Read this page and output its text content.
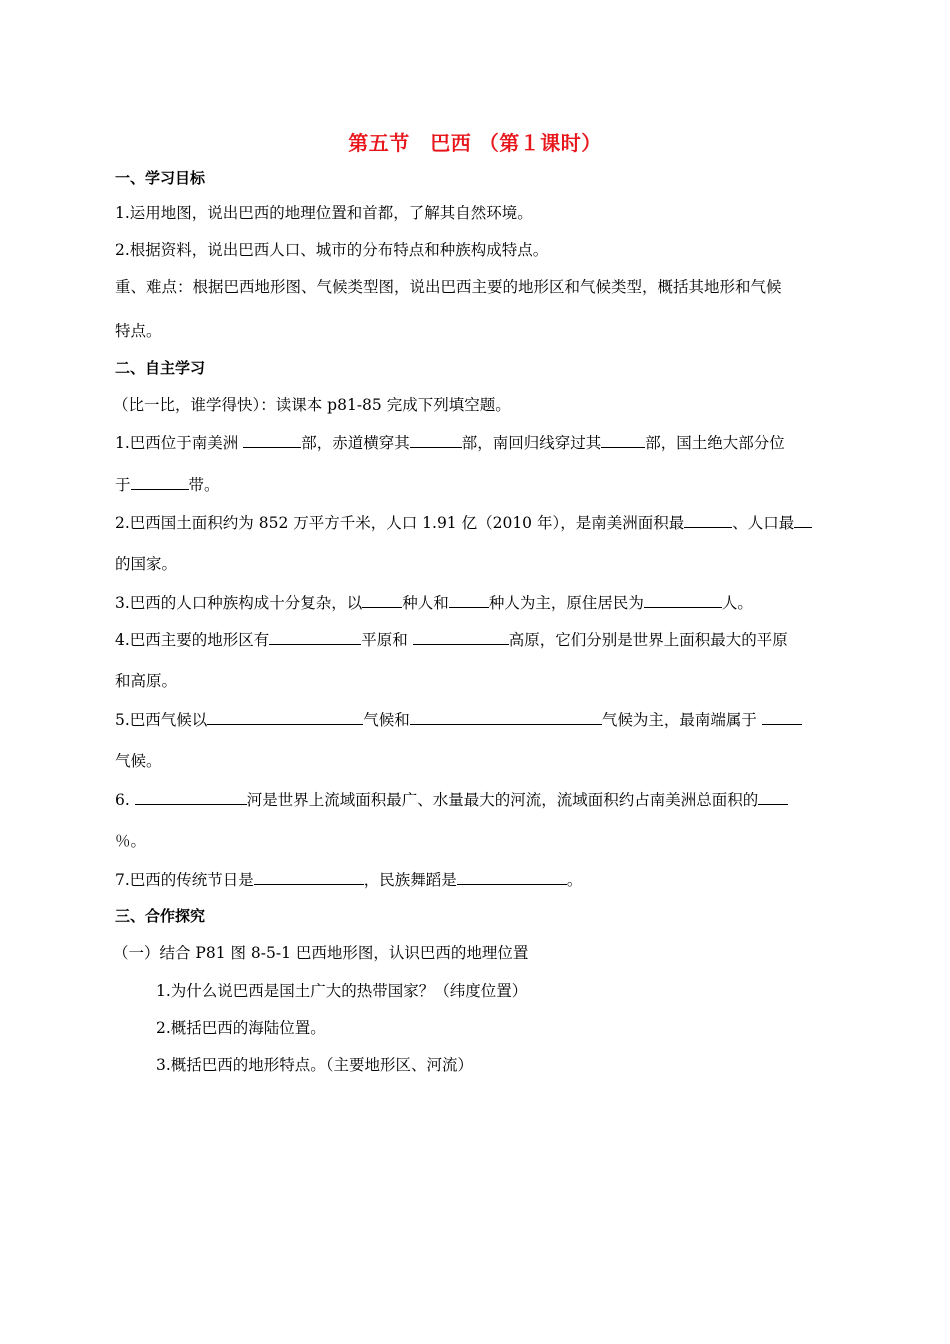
第五节　巴西 （第１课时）
一、学习目标
1.运用地图，说出巴西的地理位置和首都，了解其自然环境。
2.根据资料，说出巴西人口、城市的分布特点和种族构成特点。
重、难点：根据巴西地形图、气候类型图，说出巴西主要的地形区和气候类型，概括其地形和气候
特点。
二、自主学习
（比一比，谁学得快）：读课本 p81-85 完成下列填空题。
1.巴西位于南美洲	部，赤道横穿其	部，南回归线穿过其	部，国土绝大部分位
于	带。
2.巴西国土面积约为 852 万平方千米，人口 1.91 亿（2010 年），是南美洲面积最	、人口最
的国家。
3.巴西的人口种族构成十分复杂，以	种人和	种人为主，原住居民为	人。
4.巴西主要的地形区有	平原和	高原，它们分别是世界上面积最大的平原
和高原。
5.巴西气候以	气候和	气候为主，最南端属于
气候。
6.	河是世界上流域面积最广、水量最大的河流，流域面积约占南美洲总面积的
％。
7.巴西的传统节日是	，民族舞蹈是	。
三、合作探究
（一）结合 P81 图 8-5-1 巴西地形图，认识巴西的地理位置
1.为什么说巴西是国土广大的热带国家？（纬度位置）
2.概括巴西的海陆位置。
3.概括巴西的地形特点。（主要地形区、河流）
